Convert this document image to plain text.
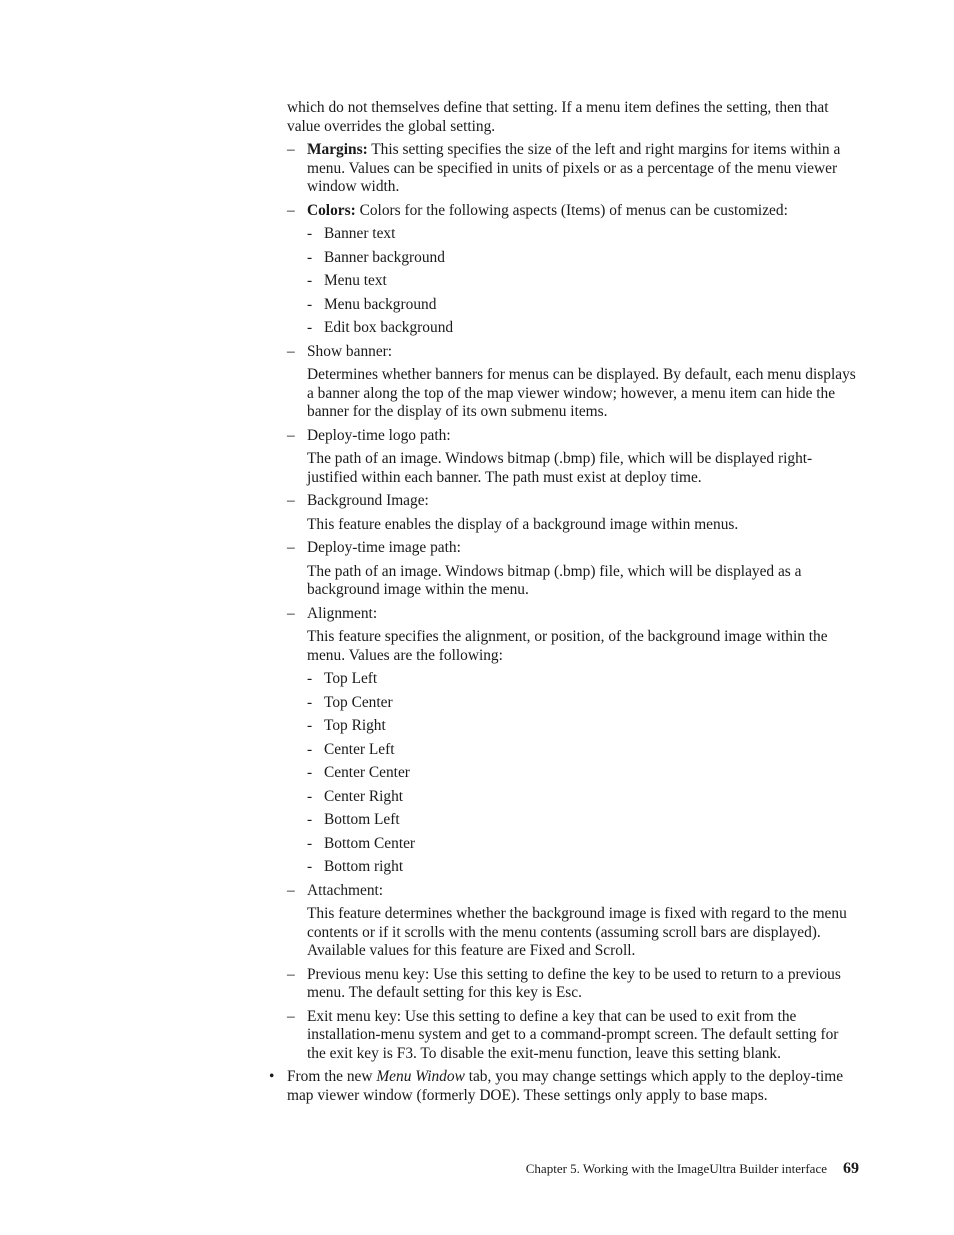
which do not themselves define that setting. If a menu item defines the setting, then that value overrides the global setting.

– Margins: This setting specifies the size of the left and right margins for items within a menu. Values can be specified in units of pixels or as a percentage of the menu viewer window width.
– Colors: Colors for the following aspects (Items) of menus can be customized:
- Banner text
- Banner background
- Menu text
- Menu background
- Edit box background
– Show banner:

Determines whether banners for menus can be displayed. By default, each menu displays a banner along the top of the map viewer window; however, a menu item can hide the banner for the display of its own submenu items.

– Deploy-time logo path:

The path of an image. Windows bitmap (.bmp) file, which will be displayed right-justified within each banner. The path must exist at deploy time.

– Background Image:

This feature enables the display of a background image within menus.

– Deploy-time image path:

The path of an image. Windows bitmap (.bmp) file, which will be displayed as a background image within the menu.

– Alignment:

This feature specifies the alignment, or position, of the background image within the menu. Values are the following:

- Top Left
- Top Center
- Top Right
- Center Left
- Center Center
- Center Right
- Bottom Left
- Bottom Center
- Bottom right
– Attachment:

This feature determines whether the background image is fixed with regard to the menu contents or if it scrolls with the menu contents (assuming scroll bars are displayed). Available values for this feature are Fixed and Scroll.

– Previous menu key: Use this setting to define the key to be used to return to a previous menu. The default setting for this key is Esc.
– Exit menu key: Use this setting to define a key that can be used to exit from the installation-menu system and get to a command-prompt screen. The default setting for the exit key is F3. To disable the exit-menu function, leave this setting blank.
• From the new Menu Window tab, you may change settings which apply to the deploy-time map viewer window (formerly DOE). These settings only apply to base maps.
Chapter 5. Working with the ImageUltra Builder interface 69
